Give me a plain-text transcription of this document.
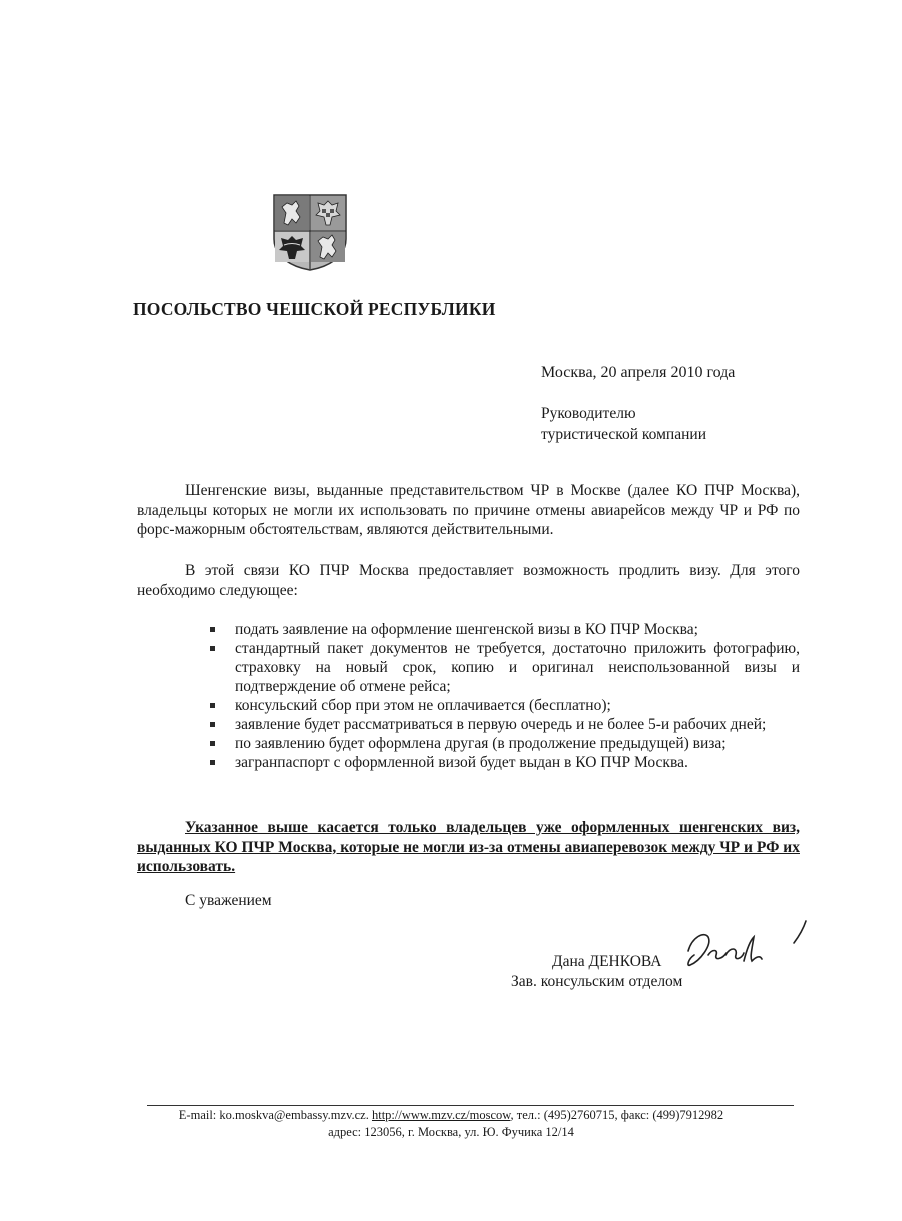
ПОСОЛЬСТВО ЧЕШСКОЙ РЕСПУБЛИКИ
Москва, 20 апреля 2010 года
Руководителю
туристической компании
Шенгенские визы, выданные представительством ЧР в Москве (далее КО ПЧР Москва), владельцы которых не могли их использовать по причине отмены авиарейсов между ЧР и РФ по форс-мажорным обстоятельствам, являются действительными.
В этой связи КО ПЧР Москва предоставляет возможность продлить визу. Для этого необходимо следующее:
подать заявление на оформление шенгенской визы в КО ПЧР Москва;
стандартный пакет документов не требуется, достаточно приложить фотографию, страховку на новый срок, копию и оригинал неиспользованной визы и подтверждение об отмене рейса;
консульский сбор при этом не оплачивается (бесплатно);
заявление будет рассматриваться в первую очередь и не более 5-и рабочих дней;
по заявлению будет оформлена другая (в продолжение предыдущей) виза;
загранпаспорт с оформленной визой будет выдан в КО ПЧР Москва.
Указанное выше касается только владельцев уже оформленных шенгенских виз, выданных КО ПЧР Москва, которые не могли из-за отмены авиаперевозок между ЧР и РФ их использовать.
С уважением
Дана ДЕНКОВА
Зав. консульским отделом
E-mail: ko.moskva@embassy.mzv.cz. http://www.mzv.cz/moscow, тел.: (495)2760715, факс: (499)7912982
адрес: 123056, г. Москва, ул. Ю. Фучика 12/14
